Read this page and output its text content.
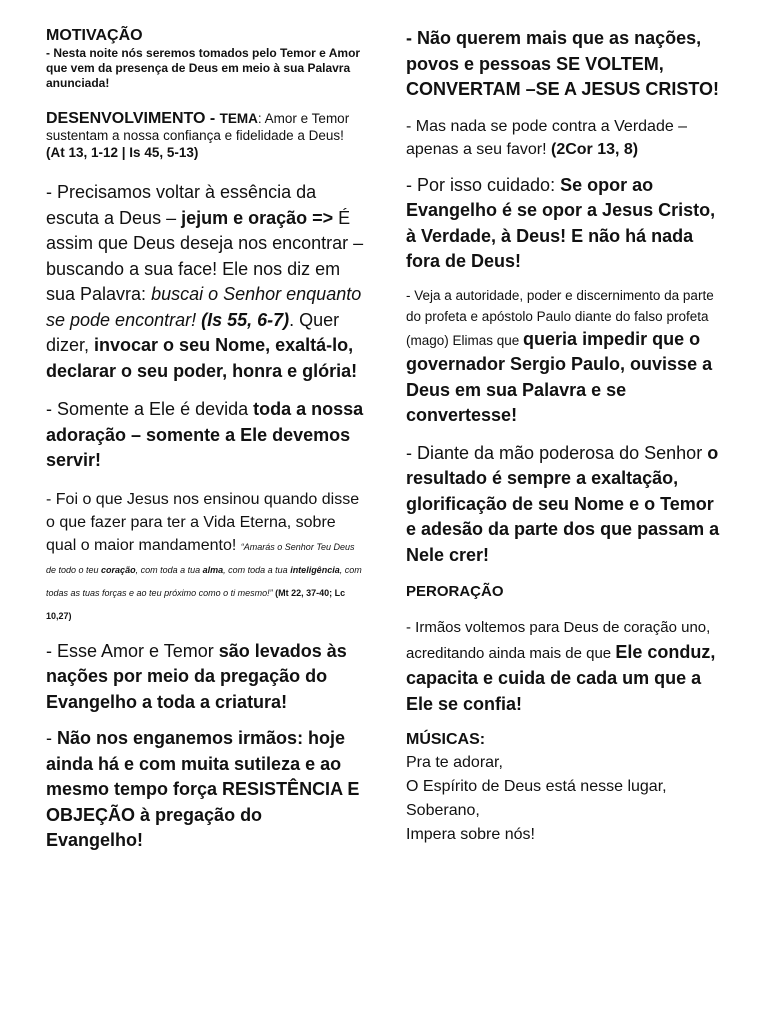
MOTIVAÇÃO

- Nesta noite nós seremos tomados pelo Temor e Amor que vem da presença de Deus em meio à sua Palavra anunciada!

DESENVOLVIMENTO - TEMA: Amor e Temor sustentam a nossa confiança e fidelidade a Deus! (At 13, 1-12 | Is 45, 5-13)

- Precisamos voltar à essência da escuta a Deus – jejum e oração => É assim que Deus deseja nos encontrar – buscando a sua face! Ele nos diz em sua Palavra: buscai o Senhor enquanto se pode encontrar! (Is 55, 6-7). Quer dizer, invocar o seu Nome, exaltá-lo, declarar o seu poder, honra e glória!

- Somente a Ele é devida toda a nossa adoração – somente a Ele devemos servir!

- Foi o que Jesus nos ensinou quando disse o que fazer para ter a Vida Eterna, sobre qual o maior mandamento! “Amarás o Senhor Teu Deus de todo o teu coração, com toda a tua alma, com toda a tua inteligência, com todas as tuas forças e ao teu próximo como o ti mesmo!” (Mt 22, 37-40; Lc 10,27)

- Esse Amor e Temor são levados às nações por meio da pregação do Evangelho a toda a criatura!

- Não nos enganemos irmãos: hoje ainda há e com muita sutileza e ao mesmo tempo força RESISTÊNCIA E OBJEÇÃO à pregação do Evangelho!

- Não querem mais que as nações, povos e pessoas SE VOLTEM, CONVERTAM –SE A JESUS CRISTO!

- Mas nada se pode contra a Verdade – apenas a seu favor! (2Cor 13, 8)

- Por isso cuidado: Se opor ao Evangelho é se opor a Jesus Cristo, à Verdade, à Deus! E não há nada fora de Deus!

- Veja a autoridade, poder e discernimento da parte do profeta e apóstolo Paulo diante do falso profeta (mago) Elimas que queria impedir que o governador Sergio Paulo, ouvisse a Deus em sua Palavra e se convertesse!

- Diante da mão poderosa do Senhor o resultado é sempre a exaltação, glorificação de seu Nome e o Temor e adesão da parte dos que passam a Nele crer!

PERORAÇÃO

- Irmãos voltemos para Deus de coração uno, acreditando ainda mais de que Ele conduz, capacita e cuida de cada um que a Ele se confia!

MÚSICAS:

Pra te adorar,

O Espírito de Deus está nesse lugar,

Soberano,

Impera sobre nós!
